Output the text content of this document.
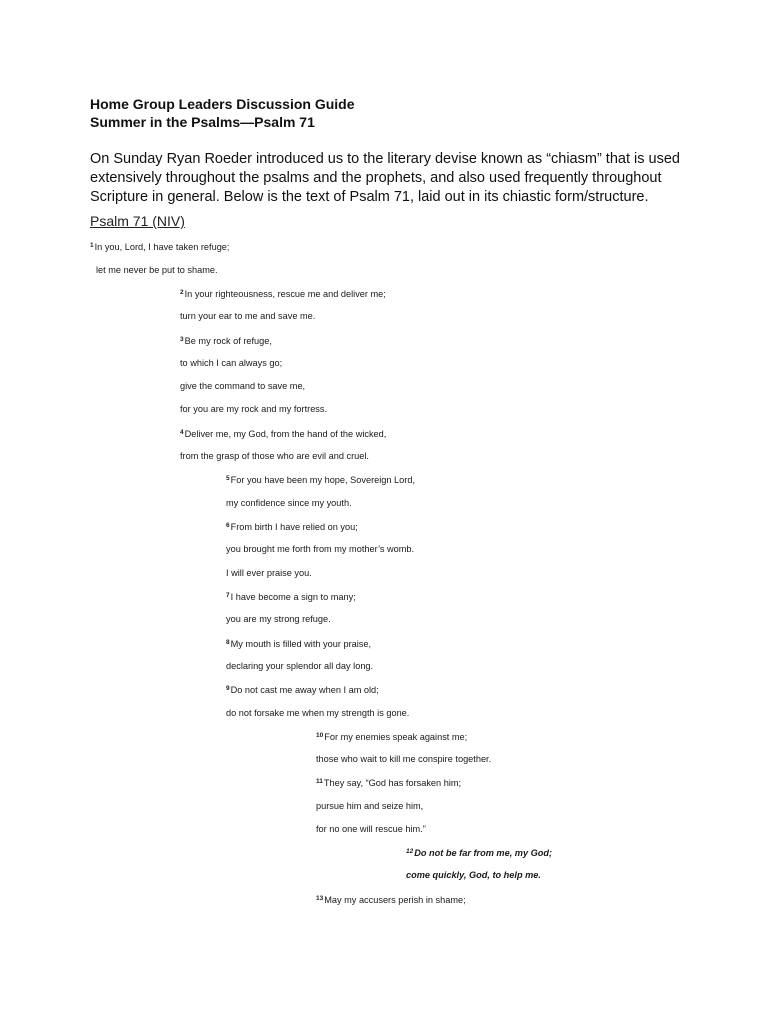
Home Group Leaders Discussion Guide
Summer in the Psalms—Psalm 71
On Sunday Ryan Roeder introduced us to the literary devise known as “chiasm” that is used extensively throughout the psalms and the prophets, and also used frequently throughout Scripture in general. Below is the text of Psalm 71, laid out in its chiastic form/structure.
Psalm 71 (NIV)
$^1$In you, Lord, I have taken refuge;
let me never be put to shame.
$^2$In your righteousness, rescue me and deliver me;
turn your ear to me and save me.
$^3$Be my rock of refuge,
to which I can always go;
give the command to save me,
for you are my rock and my fortress.
$^4$Deliver me, my God, from the hand of the wicked,
from the grasp of those who are evil and cruel.
$^5$For you have been my hope, Sovereign Lord,
my confidence since my youth.
$^6$From birth I have relied on you;
you brought me forth from my mother’s womb.
I will ever praise you.
$^7$I have become a sign to many;
you are my strong refuge.
$^8$My mouth is filled with your praise,
declaring your splendor all day long.
$^9$Do not cast me away when I am old;
do not forsake me when my strength is gone.
$^{10}$For my enemies speak against me;
those who wait to kill me conspire together.
$^{11}$They say, “God has forsaken him;
pursue him and seize him,
for no one will rescue him.”
$^{12}$Do not be far from me, my God;
come quickly, God, to help me.
$^{13}$May my accusers perish in shame;
